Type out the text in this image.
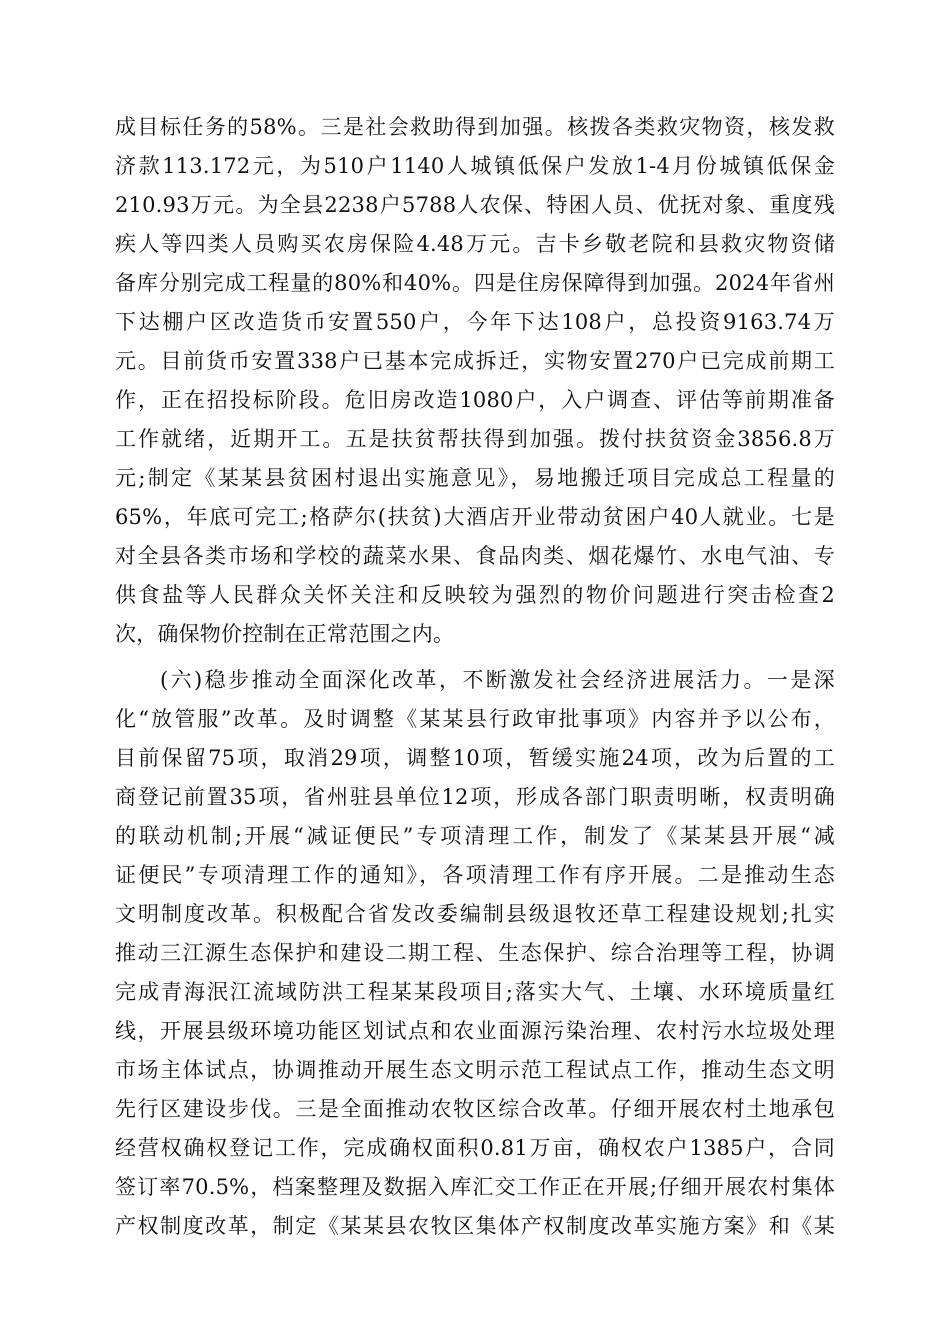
成目标任务的58%。三是社会救助得到加强。核拨各类救灾物资，核发救
济款113.172元，为510户1140人城镇低保户发放1-4月份城镇低保金
210.93万元。为全县2238户5788人农保、特困人员、优抚对象、重度残
疾人等四类人员购买农房保险4.48万元。吉卡乡敬老院和县救灾物资储
备库分别完成工程量的80%和40%。四是住房保障得到加强。2024年省州
下达棚户区改造货币安置550户，今年下达108户，总投资9163.74万
元。目前货币安置338户已基本完成拆迁，实物安置270户已完成前期工
作，正在招投标阶段。危旧房改造1080户，入户调查、评估等前期准备
工作就绪，近期开工。五是扶贫帮扶得到加强。拨付扶贫资金3856.8万
元;制定《某某县贫困村退出实施意见》，易地搬迁项目完成总工程量的
65%，年底可完工;格萨尔(扶贫)大酒店开业带动贫困户40人就业。七是
对全县各类市场和学校的蔬菜水果、食品肉类、烟花爆竹、水电气油、专
供食盐等人民群众关怀关注和反映较为强烈的物价问题进行突击检查2
次，确保物价控制在正常范围之内。
(六)稳步推动全面深化改革，不断激发社会经济进展活力。一是深
化“放管服”改革。及时调整《某某县行政审批事项》内容并予以公布，
目前保留75项，取消29项，调整10项，暂缓实施24项，改为后置的工
商登记前置35项，省州驻县单位12项，形成各部门职责明晰，权责明确
的联动机制;开展“减证便民”专项清理工作，制发了《某某县开展“减
证便民”专项清理工作的通知》，各项清理工作有序开展。二是推动生态
文明制度改革。积极配合省发改委编制县级退牧还草工程建设规划;扎实
推动三江源生态保护和建设二期工程、生态保护、综合治理等工程，协调
完成青海泯江流域防洪工程某某段项目;落实大气、土壤、水环境质量红
线，开展县级环境功能区划试点和农业面源污染治理、农村污水垃圾处理
市场主体试点，协调推动开展生态文明示范工程试点工作，推动生态文明
先行区建设步伐。三是全面推动农牧区综合改革。仔细开展农村土地承包
经营权确权登记工作，完成确权面积0.81万亩，确权农户1385户，合同
签订率70.5%，档案整理及数据入库汇交工作正在开展;仔细开展农村集体
产权制度改革，制定《某某县农牧区集体产权制度改革实施方案》和《某
